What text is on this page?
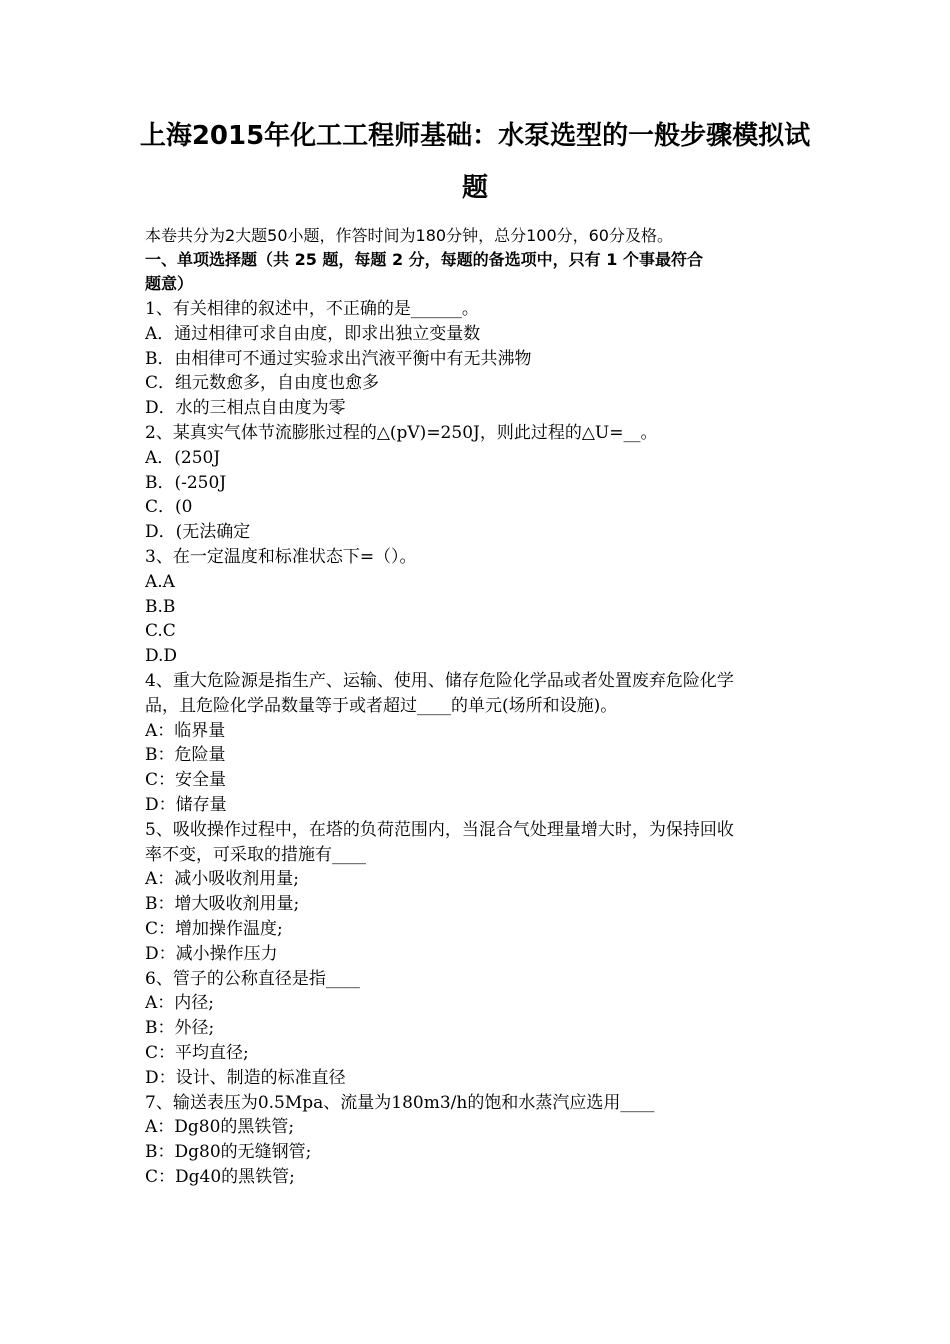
上海2015年化工工程师基础：水泵选型的一般步骤模拟试
题
本卷共分为2大题50小题，作答时间为180分钟，总分100分，60分及格。
一、单项选择题（共 25 题，每题 2 分，每题的备选项中，只有 1 个事最符合
题意）
1、有关相律的叙述中，不正确的是______。
A．通过相律可求自由度，即求出独立变量数
B．由相律可不通过实验求出汽液平衡中有无共沸物
C．组元数愈多，自由度也愈多
D．水的三相点自由度为零
2、某真实气体节流膨胀过程的△(pV)=250J，则此过程的△U=__。
A．(250J
B．(-250J
C．(0
D．(无法确定
3、在一定温度和标准状态下=（）。
A.A
B.B
C.C
D.D
4、重大危险源是指生产、运输、使用、储存危险化学品或者处置废弃危险化学
品，且危险化学品数量等于或者超过____的单元(场所和设施)。
A：临界量
B：危险量
C：安全量
D：储存量
5、吸收操作过程中，在塔的负荷范围内，当混合气处理量增大时，为保持回收
率不变，可采取的措施有____
A：减小吸收剂用量;
B：增大吸收剂用量;
C：增加操作温度;
D：减小操作压力
6、管子的公称直径是指____
A：内径;
B：外径;
C：平均直径;
D：设计、制造的标准直径
7、输送表压为0.5Mpa、流量为180m3/h的饱和水蒸汽应选用____
A：Dg80的黑铁管;
B：Dg80的无缝钢管;
C：Dg40的黑铁管;
